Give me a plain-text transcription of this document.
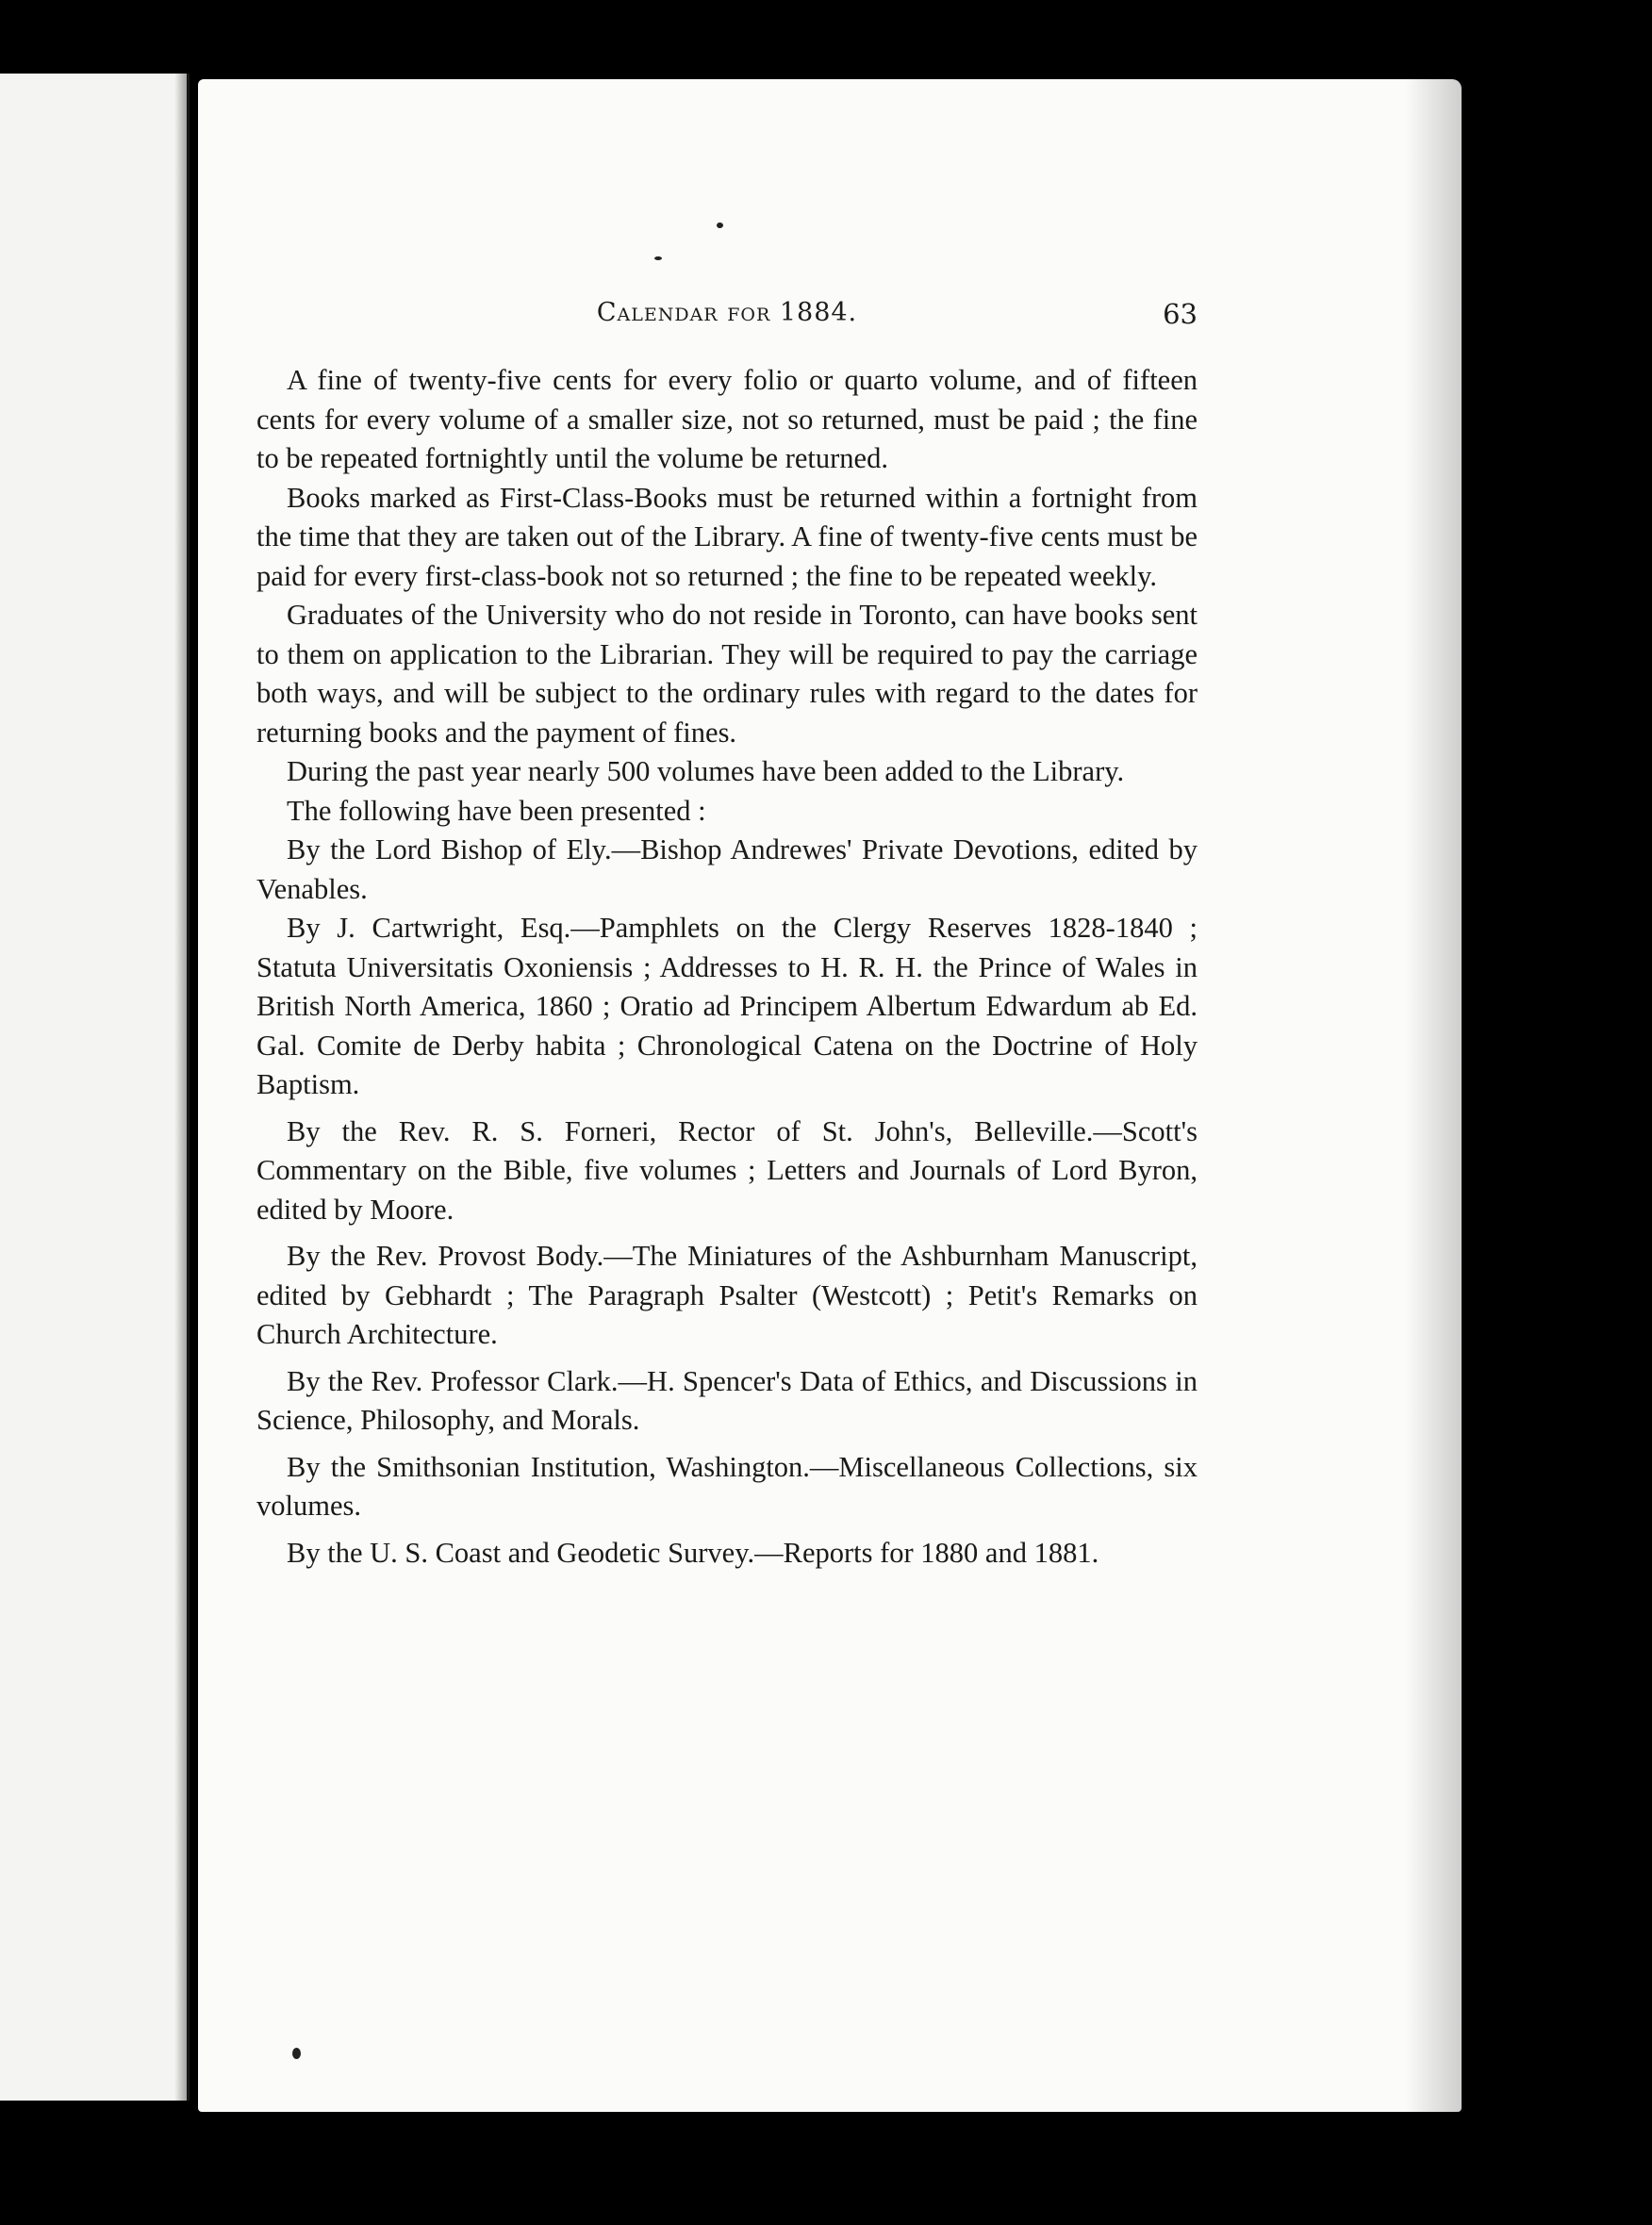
Calendar for 1884.	63

A fine of twenty-five cents for every folio or quarto volume, and of fifteen cents for every volume of a smaller size, not so returned, must be paid ; the fine to be repeated fortnightly until the volume be returned.

Books marked as First-Class-Books must be returned within a fortnight from the time that they are taken out of the Library. A fine of twenty-five cents must be paid for every first-class-book not so returned ; the fine to be repeated weekly.

Graduates of the University who do not reside in Toronto, can have books sent to them on application to the Librarian. They will be required to pay the carriage both ways, and will be subject to the ordinary rules with regard to the dates for returning books and the payment of fines.

During the past year nearly 500 volumes have been added to the Library.

The following have been presented :

By the Lord Bishop of Ely.—Bishop Andrewes' Private Devotions, edited by Venables.

By J. Cartwright, Esq.—Pamphlets on the Clergy Reserves 1828-1840 ; Statuta Universitatis Oxoniensis ; Addresses to H. R. H. the Prince of Wales in British North America, 1860 ; Oratio ad Principem Albertum Edwardum ab Ed. Gal. Comite de Derby habita ; Chronological Catena on the Doctrine of Holy Baptism.

By the Rev. R. S. Forneri, Rector of St. John's, Belleville.—Scott's Commentary on the Bible, five volumes ; Letters and Journals of Lord Byron, edited by Moore.

By the Rev. Provost Body.—The Miniatures of the Ashburnham Manuscript, edited by Gebhardt ; The Paragraph Psalter (Westcott) ; Petit's Remarks on Church Architecture.

By the Rev. Professor Clark.—H. Spencer's Data of Ethics, and Discussions in Science, Philosophy, and Morals.

By the Smithsonian Institution, Washington.—Miscellaneous Collections, six volumes.

By the U. S. Coast and Geodetic Survey.—Reports for 1880 and 1881.
